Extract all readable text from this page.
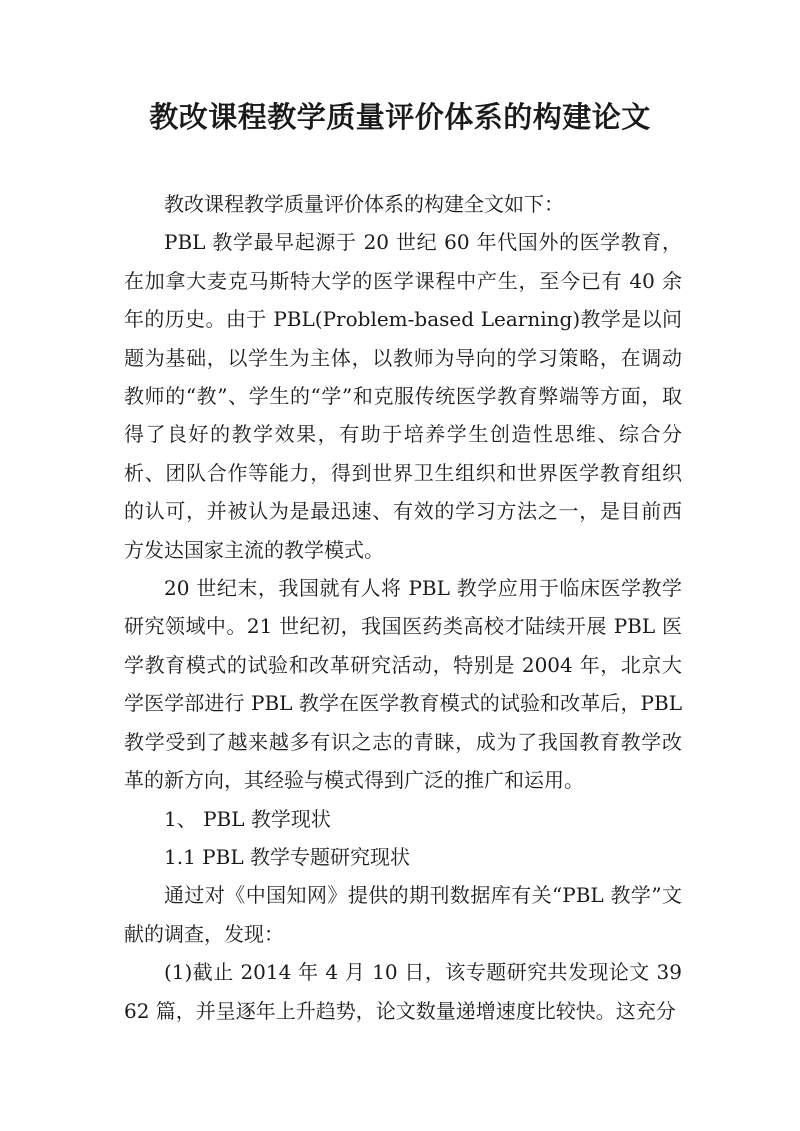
教改课程教学质量评价体系的构建论文

教改课程教学质量评价体系的构建全文如下：

PBL 教学最早起源于 20 世纪 60 年代国外的医学教育，在加拿大麦克马斯特大学的医学课程中产生，至今已有 40 余年的历史。由于 PBL(Problem-based Learning)教学是以问题为基础，以学生为主体，以教师为导向的学习策略，在调动教师的“教”、学生的“学”和克服传统医学教育弊端等方面，取得了良好的教学效果，有助于培养学生创造性思维、综合分析、团队合作等能力，得到世界卫生组织和世界医学教育组织的认可，并被认为是最迅速、有效的学习方法之一，是目前西方发达国家主流的教学模式。

20 世纪末，我国就有人将 PBL 教学应用于临床医学教学研究领域中。21 世纪初，我国医药类高校才陆续开展 PBL 医学教育模式的试验和改革研究活动，特别是 2004 年，北京大学医学部进行 PBL 教学在医学教育模式的试验和改革后，PBL 教学受到了越来越多有识之志的青睐，成为了我国教育教学改革的新方向，其经验与模式得到广泛的推广和运用。

1、 PBL 教学现状

1.1 PBL 教学专题研究现状

通过对《中国知网》提供的期刊数据库有关“PBL 教学”文献的调查，发现：

(1)截止 2014 年 4 月 10 日，该专题研究共发现论文 3962 篇，并呈逐年上升趋势，论文数量递增速度比较快。这充分
